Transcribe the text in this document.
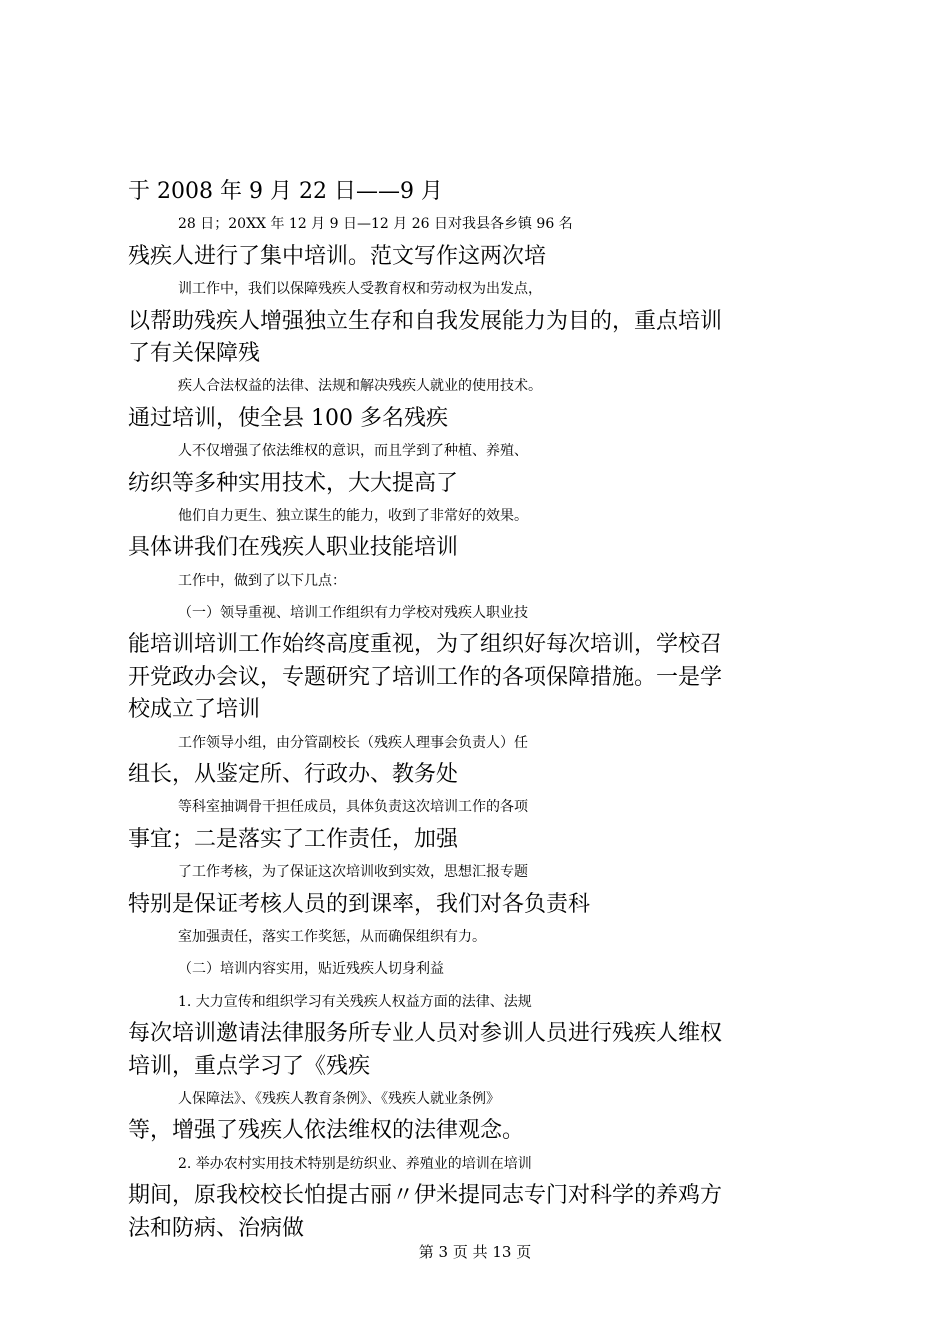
于 2008 年 9 月 22 日——9 月
28 日；20XX 年 12 月 9 日—12 月 26 日对我县各乡镇 96 名
残疾人进行了集中培训。范文写作这两次培
训工作中，我们以保障残疾人受教育权和劳动权为出发点，
以帮助残疾人增强独立生存和自我发展能力为目的，重点培训
了有关保障残
疾人合法权益的法律、法规和解决残疾人就业的使用技术。
通过培训，使全县 100 多名残疾
人不仅增强了依法维权的意识，而且学到了种植、养殖、
纺织等多种实用技术，大大提高了
他们自力更生、独立谋生的能力，收到了非常好的效果。
具体讲我们在残疾人职业技能培训
工作中，做到了以下几点：
（一）领导重视、培训工作组织有力学校对残疾人职业技
能培训培训工作始终高度重视，为了组织好每次培训，学校召
开党政办会议，专题研究了培训工作的各项保障措施。一是学
校成立了培训
工作领导小组，由分管副校长（残疾人理事会负责人）任
组长，从鉴定所、行政办、教务处
等科室抽调骨干担任成员，具体负责这次培训工作的各项
事宜；二是落实了工作责任，加强
了工作考核，为了保证这次培训收到实效，思想汇报专题
特别是保证考核人员的到课率，我们对各负责科
室加强责任，落实工作奖惩，从而确保组织有力。
（二）培训内容实用，贴近残疾人切身利益
1. 大力宣传和组织学习有关残疾人权益方面的法律、法规
每次培训邀请法律服务所专业人员对参训人员进行残疾人维权
培训，重点学习了《残疾
人保障法》、《残疾人教育条例》、《残疾人就业条例》
等，增强了残疾人依法维权的法律观念。
2. 举办农村实用技术特别是纺织业、养殖业的培训在培训
期间，原我校校长怕提古丽〃伊米提同志专门对科学的养鸡方
法和防病、治病做
第 3 页 共 13 页
